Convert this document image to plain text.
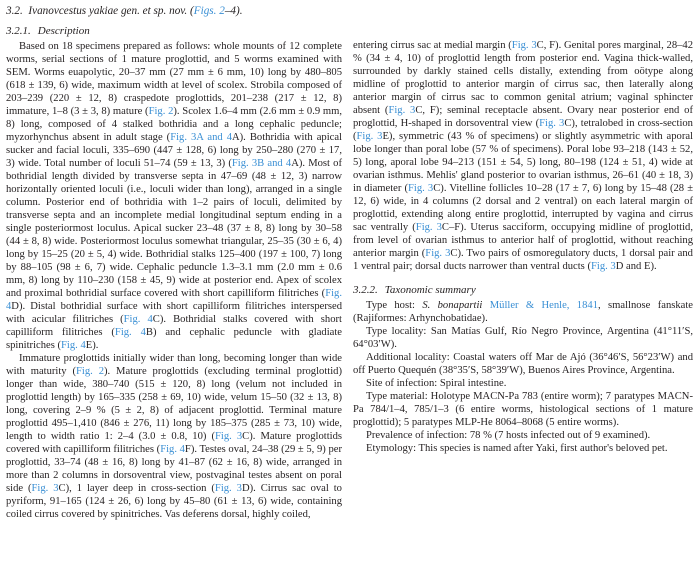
3.2. Ivanovcestus yakiae gen. et sp. nov. (Figs. 2–4).
3.2.1. Description

Based on 18 specimens prepared as follows: whole mounts of 12 complete worms, serial sections of 1 mature proglottid, and 5 worms examined with SEM. Worms euapolytic, 20–37 mm (27 mm ± 6 mm, 10) long by 480–805 (618 ± 139, 6) wide, maximum width at level of scolex. Strobila composed of 203–239 (220 ± 12, 8) craspedote proglottids, 201–238 (217 ± 12, 8) immature, 1–8 (3 ± 3, 8) mature (Fig. 2). Scolex 1.6–4 mm (2.6 mm ± 0.9 mm, 8) long, composed of 4 stalked bothridia and a long cephalic peduncle; myzorhynchus absent in adult stage (Fig. 3A and 4A). Bothridia with apical sucker and facial loculi, 335–690 (447 ± 128, 6) long by 250–280 (270 ± 17, 3) wide. Total number of loculi 51–74 (59 ± 13, 3) (Fig. 3B and 4A). Most of bothridial length divided by transverse septa in 47–69 (48 ± 12, 3) narrow horizontally oriented loculi (i.e., loculi wider than long), arranged in a single column. Posterior end of bothridia with 1–2 pairs of loculi, delimited by transverse septa and an incomplete medial longitudinal septum ending in a single posteriormost loculus. Apical sucker 23–48 (37 ± 8, 8) long by 30–58 (44 ± 8, 8) wide. Posteriormost loculus somewhat triangular, 25–35 (30 ± 6, 4) long by 15–25 (20 ± 5, 4) wide. Bothridial stalks 125–400 (197 ± 100, 7) long by 88–105 (98 ± 6, 7) wide. Cephalic peduncle 1.3–3.1 mm (2.0 mm ± 0.6 mm, 8) long by 110–230 (158 ± 45, 9) wide at posterior end. Apex of scolex and proximal bothridial surface covered with short capilliform filitriches (Fig. 4D). Distal bothridial surface with short capilliform filitriches interspersed with acicular filitriches (Fig. 4C). Bothridial stalks covered with short capilliform filitriches (Fig. 4B) and cephalic peduncle with gladiate spinitriches (Fig. 4E).

Immature proglottids initially wider than long, becoming longer than wide with maturity (Fig. 2). Mature proglottids (excluding terminal proglottid) longer than wide, 380–740 (515 ± 120, 8) long (velum not included in proglottid length) by 165–335 (258 ± 69, 10) wide, velum 15–50 (32 ± 13, 8) long, covering 2–9 % (5 ± 2, 8) of adjacent proglottid. Terminal mature proglottid 495–1,410 (846 ± 276, 11) long by 185–375 (285 ± 73, 10) wide, length to width ratio 1: 2–4 (3.0 ± 0.8, 10) (Fig. 3C). Mature proglottids covered with capilliform filitriches (Fig. 4F). Testes oval, 24–38 (29 ± 5, 9) per proglottid, 33–74 (48 ± 16, 8) long by 41–87 (62 ± 16, 8) wide, arranged in more than 2 columns in dorsoventral view, postvaginal testes absent on poral side (Fig. 3C), 1 layer deep in cross-section (Fig. 3D). Cirrus sac oval to pyriform, 91–165 (124 ± 26, 6) long by 45–80 (61 ± 13, 6) wide, containing coiled cirrus covered by spinitriches. Vas deferens dorsal, highly coiled,

entering cirrus sac at medial margin (Fig. 3C, F). Genital pores marginal, 28–42 % (34 ± 4, 10) of proglottid length from posterior end. Vagina thick-walled, surrounded by darkly stained cells distally, extending from oötype along midline of proglottid to anterior margin of cirrus sac, then laterally along anterior margin of cirrus sac to common genital atrium; vaginal sphincter absent (Fig. 3C, F); seminal receptacle absent. Ovary near posterior end of proglottid, H-shaped in dorsoventral view (Fig. 3C), tetralobed in cross-section (Fig. 3E), symmetric (43 % of specimens) or slightly asymmetric with aporal lobe longer than poral lobe (57 % of specimens). Poral lobe 93–218 (143 ± 52, 5) long, aporal lobe 94–213 (151 ± 54, 5) long, 80–198 (124 ± 51, 4) wide at ovarian isthmus. Mehlis' gland posterior to ovarian isthmus, 26–61 (40 ± 18, 3) in diameter (Fig. 3C). Vitelline follicles 10–28 (17 ± 7, 6) long by 15–48 (28 ± 12, 6) wide, in 4 columns (2 dorsal and 2 ventral) on each lateral margin of proglottid, extending along entire proglottid, interrupted by vagina and cirrus sac ventrally (Fig. 3C–F). Uterus sacciform, occupying midline of proglottid, from level of ovarian isthmus to anterior half of proglottid, without reaching anterior margin (Fig. 3C). Two pairs of osmoregulatory ducts, 1 dorsal pair and 1 ventral pair; dorsal ducts narrower than ventral ducts (Fig. 3D and E).

3.2.2. Taxonomic summary

Type host: S. bonapartii Müller & Henle, 1841, smallnose fanskate (Rajiformes: Arhynchobatidae).

Type locality: San Matías Gulf, Río Negro Province, Argentina (41°11′S, 64°03′W).

Additional locality: Coastal waters off Mar de Ajó (36°46′S, 56°23′W) and off Puerto Quequén (38°35′S, 58°39′W), Buenos Aires Province, Argentina.

Site of infection: Spiral intestine.

Type material: Holotype MACN-Pa 783 (entire worm); 7 paratypes MACN-Pa 784/1–4, 785/1–3 (6 entire worms, histological sections of 1 mature proglottid); 5 paratypes MLP-He 8064–8068 (5 entire worms).

Prevalence of infection: 78 % (7 hosts infected out of 9 examined).

Etymology: This species is named after Yaki, first author's beloved pet.
